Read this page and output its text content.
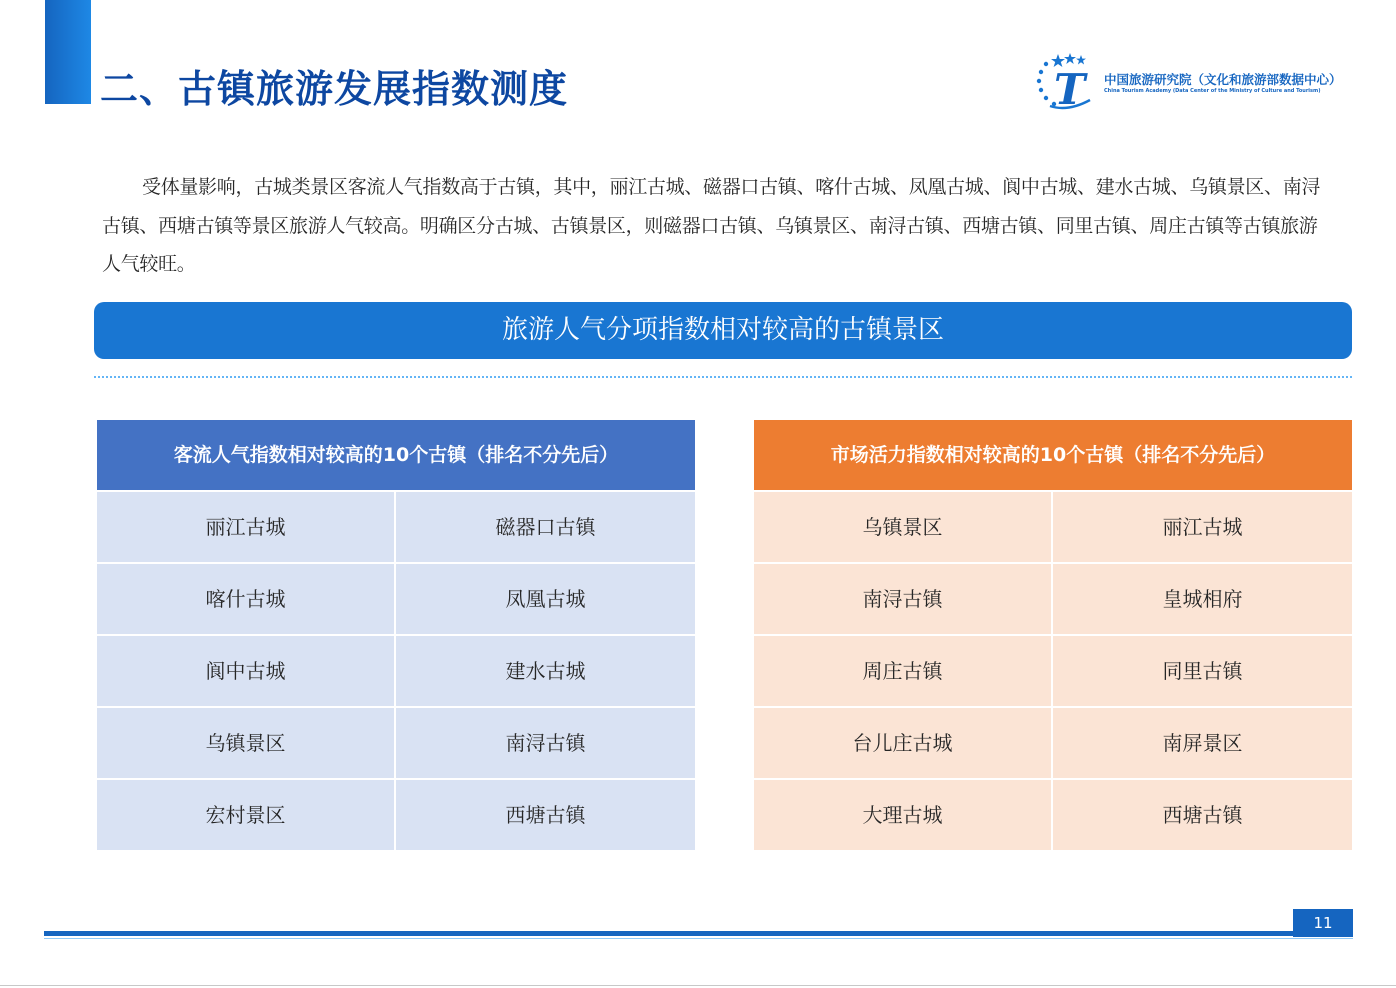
二、古镇旅游发展指数测度	T 中国旅游研究院（文化和旅游部数据中心）
China Tourism Academy (Data Center of the Ministry of Culture and Tourism)
受体量影响，古城类景区客流人气指数高于古镇，其中，丽江古城、磁器口古镇、喀什古城、凤凰古城、阆中古城、建水古城、乌镇景区、南浔古镇、西塘古镇等景区旅游人气较高。明确区分古城、古镇景区，则磁器口古镇、乌镇景区、南浔古镇、西塘古镇、同里古镇、周庄古镇等古镇旅游人气较旺。
旅游人气分项指数相对较高的古镇景区
客流人气指数相对较高的10个古镇（排名不分先后）
丽江古城	磁器口古镇
喀什古城	凤凰古城
阆中古城	建水古城
乌镇景区	南浔古镇
宏村景区	西塘古镇
市场活力指数相对较高的10个古镇（排名不分先后）
乌镇景区	丽江古城
南浔古镇	皇城相府
周庄古镇	同里古镇
台儿庄古城	南屏景区
大理古城	西塘古镇
11
